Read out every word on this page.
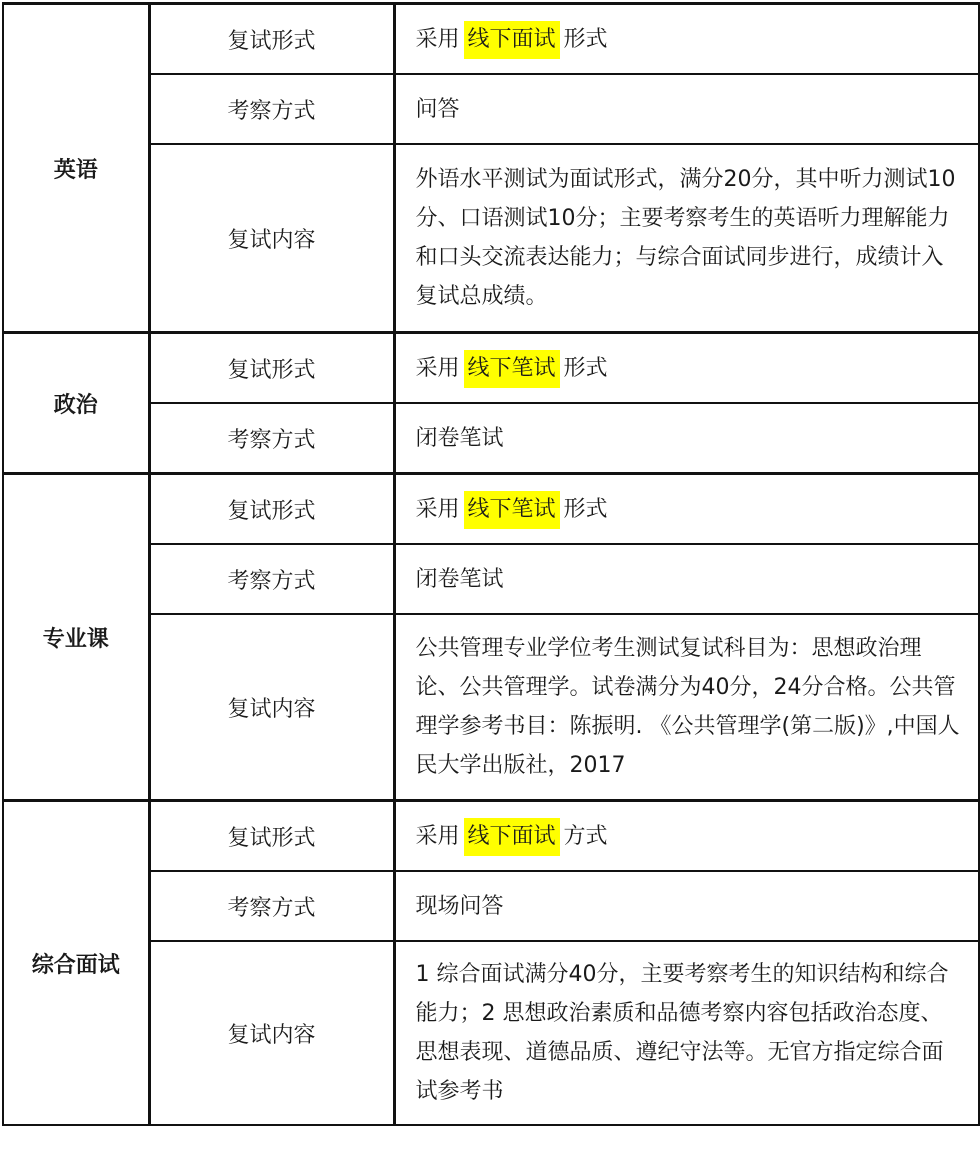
英语	复试形式	采用 线下面试 形式
	考察方式	问答
	复试内容	外语水平测试为面试形式，满分20分，其中听力测试10分、口语测试10分；主要考察考生的英语听力理解能力和口头交流表达能力；与综合面试同步进行，成绩计入复试总成绩。
政治	复试形式	采用 线下笔试 形式
	考察方式	闭卷笔试
专业课	复试形式	采用 线下笔试 形式
	考察方式	闭卷笔试
	复试内容	公共管理专业学位考生测试复试科目为：思想政治理论、公共管理学。试卷满分为40分，24分合格。公共管理学参考书目：陈振明. 《公共管理学(第二版)》,中国人民大学出版社，2017
综合面试	复试形式	采用 线下面试 方式
	考察方式	现场问答
	复试内容	1 综合面试满分40分，主要考察考生的知识结构和综合能力；2 思想政治素质和品德考察内容包括政治态度、思想表现、道德品质、遵纪守法等。无官方指定综合面试参考书
